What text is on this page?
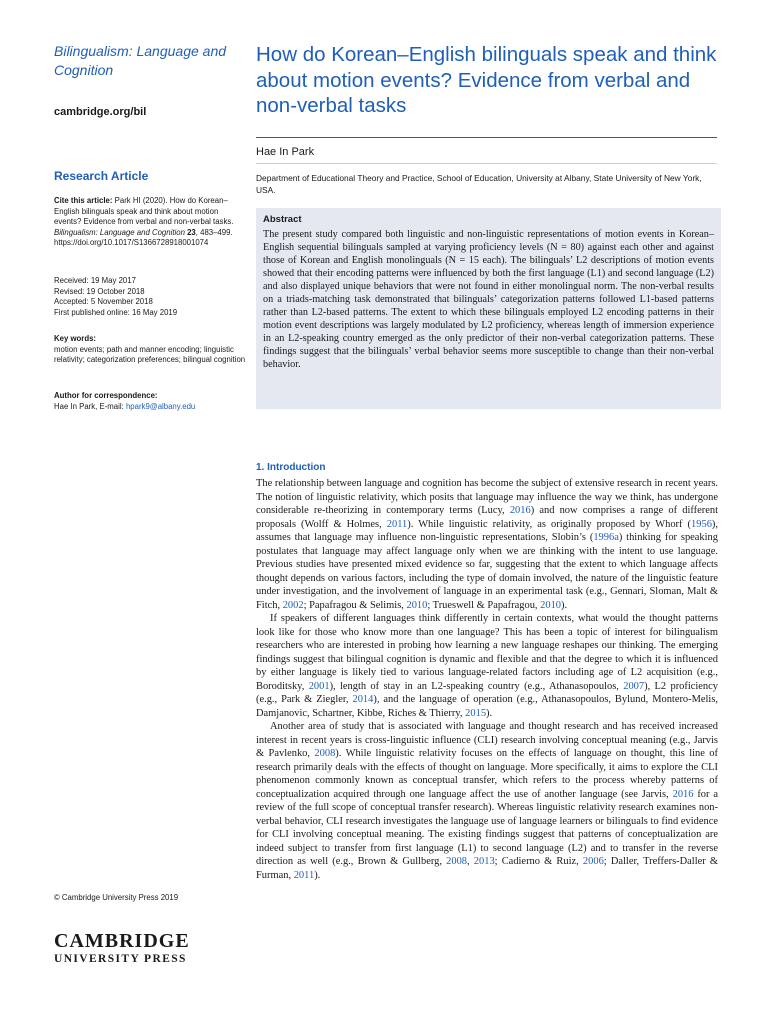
Bilingualism: Language and Cognition
cambridge.org/bil
How do Korean–English bilinguals speak and think about motion events? Evidence from verbal and non-verbal tasks
Hae In Park
Department of Educational Theory and Practice, School of Education, University at Albany, State University of New York, USA.
Abstract
The present study compared both linguistic and non-linguistic representations of motion events in Korean–English sequential bilinguals sampled at varying proficiency levels (N = 80) against each other and against those of Korean and English monolinguals (N = 15 each). The bilinguals’ L2 descriptions of motion events showed that their encoding patterns were influenced by both the first language (L1) and second language (L2) and also displayed unique behaviors that were not found in either monolingual norm. The non-verbal results on a triads-matching task demonstrated that bilinguals’ categorization patterns followed L1-based patterns rather than L2-based patterns. The extent to which these bilinguals employed L2 encoding patterns in their motion event descriptions was largely modulated by L2 proficiency, whereas length of immersion experience in an L2-speaking country emerged as the only predictor of their non-verbal categorization patterns. These findings suggest that the bilinguals’ verbal behavior seems more susceptible to change than their non-verbal behavior.
Research Article
Cite this article: Park HI (2020). How do Korean–English bilinguals speak and think about motion events? Evidence from verbal and non-verbal tasks. Bilingualism: Language and Cognition 23, 483–499. https://doi.org/10.1017/S1366728918001074
Received: 19 May 2017
Revised: 19 October 2018
Accepted: 5 November 2018
First published online: 16 May 2019
Key words:
motion events; path and manner encoding; linguistic relativity; categorization preferences; bilingual cognition
Author for correspondence:
Hae In Park, E-mail: hpark9@albany.edu
1. Introduction

The relationship between language and cognition has become the subject of extensive research in recent years. The notion of linguistic relativity, which posits that language may influence the way we think, has undergone considerable re-theorizing in contemporary terms (Lucy, 2016) and now comprises a range of different proposals (Wolff & Holmes, 2011). While linguistic relativity, as originally proposed by Whorf (1956), assumes that language may influence non-linguistic representations, Slobin’s (1996a) thinking for speaking postulates that language may affect language only when we are thinking with the intent to use language. Previous studies have presented mixed evidence so far, suggesting that the extent to which language affects thought depends on various factors, including the type of domain involved, the nature of the linguistic feature under investigation, and the involvement of language in an experimental task (e.g., Gennari, Sloman, Malt & Fitch, 2002; Papafragou & Selimis, 2010; Trueswell & Papafragou, 2010).

If speakers of different languages think differently in certain contexts, what would the thought patterns look like for those who know more than one language? This has been a topic of interest for bilingualism researchers who are interested in probing how learning a new language reshapes our thinking. The emerging findings suggest that bilingual cognition is dynamic and flexible and that the degree to which it is influenced by either language is likely tied to various language-related factors including age of L2 acquisition (e.g., Boroditsky, 2001), length of stay in an L2-speaking country (e.g., Athanasopoulos, 2007), L2 proficiency (e.g., Park & Ziegler, 2014), and the language of operation (e.g., Athanasopoulos, Bylund, Montero-Melis, Damjanovic, Schartner, Kibbe, Riches & Thierry, 2015).

Another area of study that is associated with language and thought research and has received increased interest in recent years is cross-linguistic influence (CLI) research involving conceptual meaning (e.g., Jarvis & Pavlenko, 2008). While linguistic relativity focuses on the effects of language on thought, this line of research primarily deals with the effects of thought on language. More specifically, it aims to explore the CLI phenomenon commonly known as conceptual transfer, which refers to the process whereby patterns of conceptualization acquired through one language affect the use of another language (see Jarvis, 2016 for a review of the full scope of conceptual transfer research). Whereas linguistic relativity research examines non-verbal behavior, CLI research investigates the language use of language learners or bilinguals to find evidence for CLI involving conceptual meaning. The existing findings suggest that patterns of conceptualization are indeed subject to transfer from first language (L1) to second language (L2) and to transfer in the reverse direction as well (e.g., Brown & Gullberg, 2008, 2013; Cadierno & Ruiz, 2006; Daller, Treffers-Daller & Furman, 2011).

© Cambridge University Press 2019
CAMBRIDGE
UNIVERSITY PRESS
